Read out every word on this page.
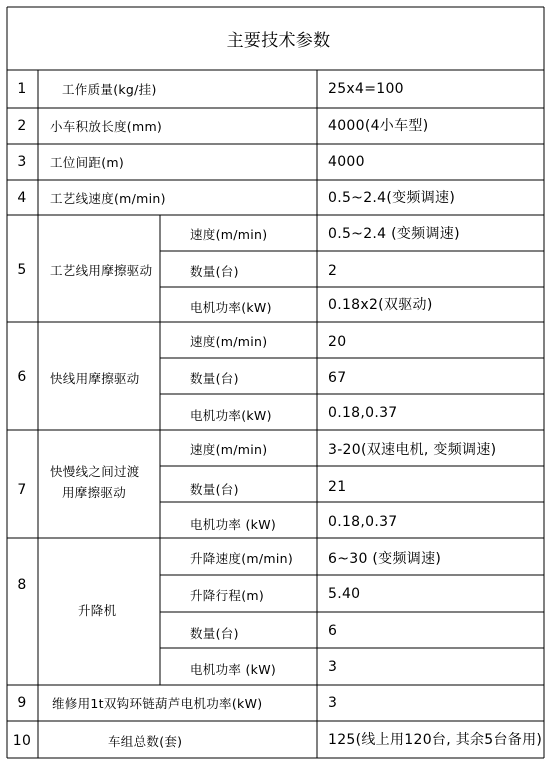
主要技术参数
1	工作质量(kg/挂)	25x4=100
2	小车积放长度(mm)	4000(4小车型)
3	工位间距(m)	4000
4	工艺线速度(m/min)	0.5~2.4(变频调速)
5	工艺线用摩擦驱动
速度(m/min)	0.5~2.4 (变频调速)
数量(台)	2
电机功率(kW)	0.18x2(双驱动)
6	快线用摩擦驱动
速度(m/min)	20
数量(台)	67
电机功率(kW)	0.18,0.37
7
快慢线之间过渡
用摩擦驱动
速度(m/min)	3-20(双速电机, 变频调速)
数量(台)	21
电机功率 (kW)	0.18,0.37
8
升降机
升降速度(m/min) 6~30 (变频调速)
升降行程(m)	5.40
数量(台)	6
电机功率 (kW)	3
9	维修用1t双钩环链葫芦电机功率(kW)	3
10	车组总数(套)	125(线上用120台, 其余5台备用)
